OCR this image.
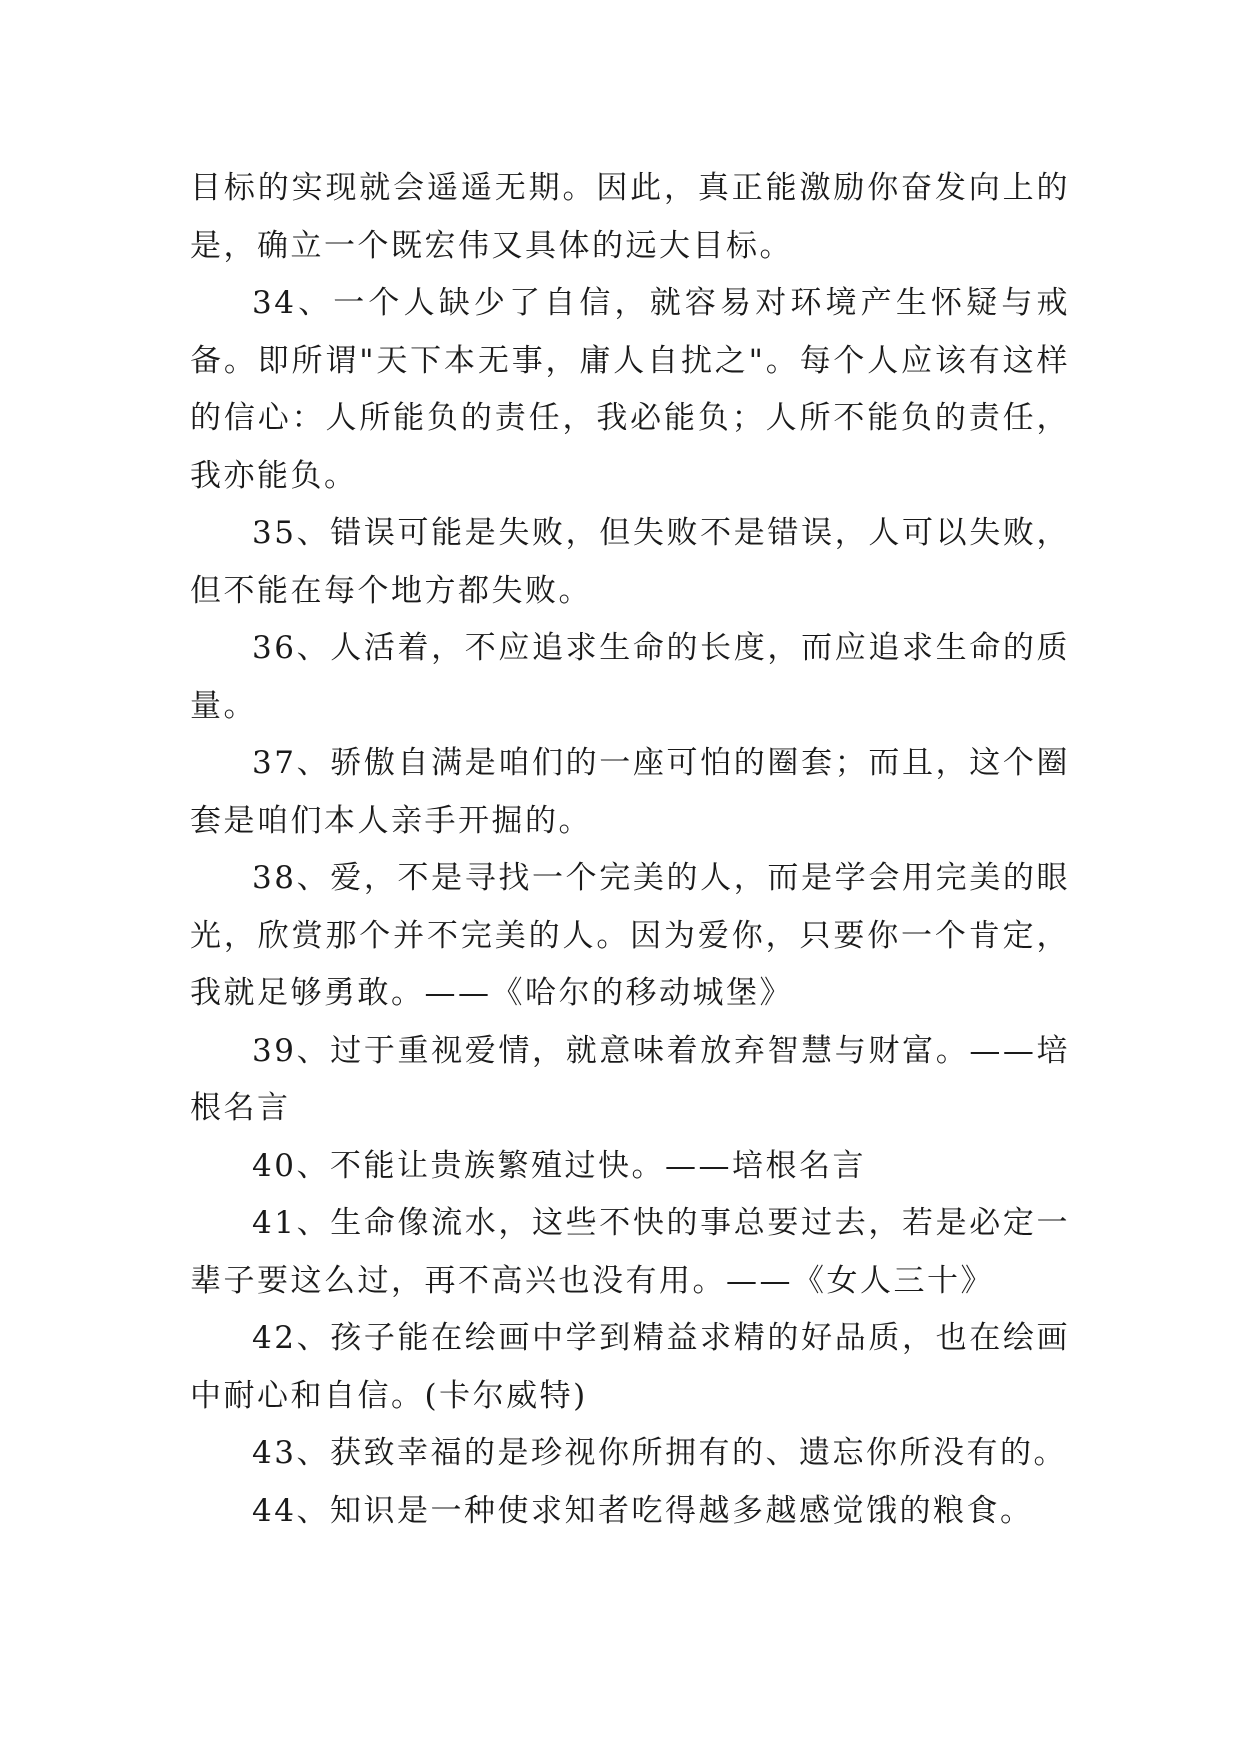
目标的实现就会遥遥无期。因此，真正能激励你奋发向上的是，确立一个既宏伟又具体的远大目标。

34、一个人缺少了自信，就容易对环境产生怀疑与戒备。即所谓"天下本无事，庸人自扰之"。每个人应该有这样的信心：人所能负的责任，我必能负；人所不能负的责任，我亦能负。

35、错误可能是失败，但失败不是错误，人可以失败，但不能在每个地方都失败。

36、人活着，不应追求生命的长度，而应追求生命的质量。

37、骄傲自满是咱们的一座可怕的圈套；而且，这个圈套是咱们本人亲手开掘的。

38、爱，不是寻找一个完美的人，而是学会用完美的眼光，欣赏那个并不完美的人。因为爱你，只要你一个肯定，我就足够勇敢。——《哈尔的移动城堡》

39、过于重视爱情，就意味着放弃智慧与财富。——培根名言

40、不能让贵族繁殖过快。——培根名言

41、生命像流水，这些不快的事总要过去，若是必定一辈子要这么过，再不高兴也没有用。——《女人三十》

42、孩子能在绘画中学到精益求精的好品质，也在绘画中耐心和自信。(卡尔威特)

43、获致幸福的是珍视你所拥有的、遗忘你所没有的。

44、知识是一种使求知者吃得越多越感觉饿的粮食。
